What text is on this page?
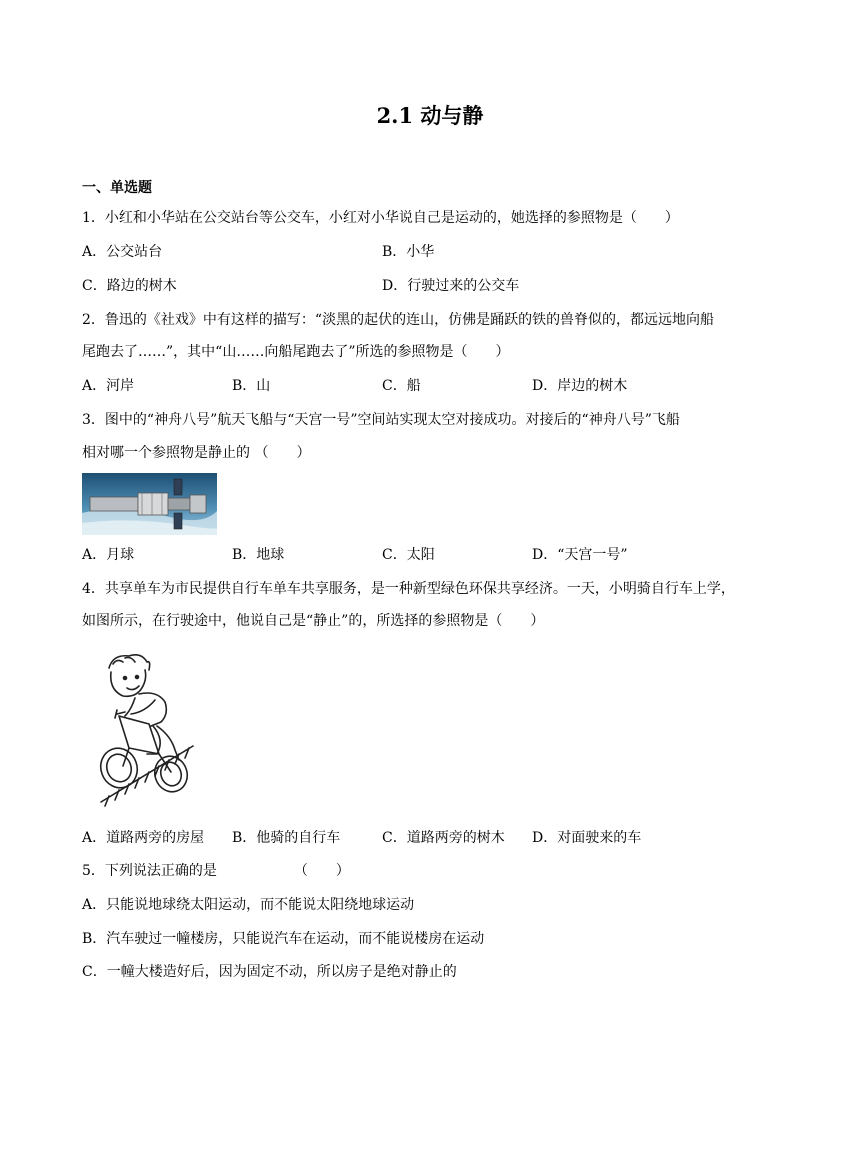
2.1 动与静
一、单选题
1．小红和小华站在公交站台等公交车，小红对小华说自己是运动的，她选择的参照物是（　　）
A．公交站台	B．小华
C．路边的树木	D．行驶过来的公交车
2．鲁迅的《社戏》中有这样的描写：“淡黑的起伏的连山，仿佛是踊跃的铁的兽脊似的，都远远地向船
尾跑去了……”，其中“山……向船尾跑去了”所选的参照物是（　　）
A．河岸	B．山	C．船	D．岸边的树木
3．图中的“神舟八号”航天飞船与“天宫一号”空间站实现太空对接成功。对接后的“神舟八号”飞船
相对哪一个参照物是静止的 （　　）
A．月球	B．地球	C．太阳	D．“天宫一号”
4．共享单车为市民提供自行车单车共享服务，是一种新型绿色环保共享经济。一天，小明骑自行车上学，
如图所示，在行驶途中，他说自己是“静止”的，所选择的参照物是（　　）
A．道路两旁的房屋 B．他骑的自行车	C．道路两旁的树木 D．对面驶来的车
5．下列说法正确的是　　　　　　（　　）
A．只能说地球绕太阳运动，而不能说太阳绕地球运动
B．汽车驶过一幢楼房，只能说汽车在运动，而不能说楼房在运动
C．一幢大楼造好后，因为固定不动，所以房子是绝对静止的
